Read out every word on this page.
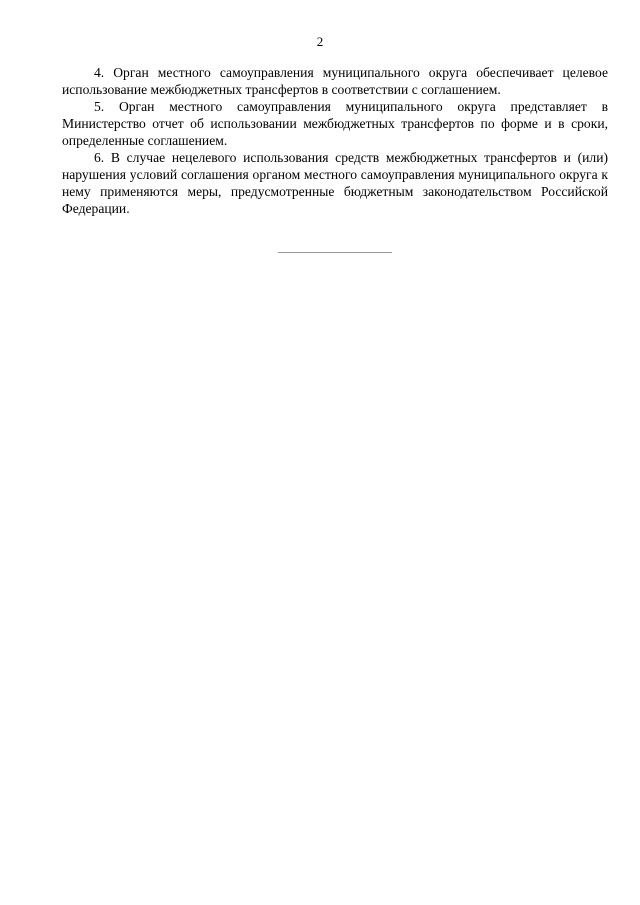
2

4. Орган местного самоуправления муниципального округа обеспечивает целевое использование межбюджетных трансфертов в соответствии с соглашением.

5. Орган местного самоуправления муниципального округа представляет в Министерство отчет об использовании межбюджетных трансфертов по форме и в сроки, определенные соглашением.

6. В случае нецелевого использования средств межбюджетных трансфертов и (или) нарушения условий соглашения органом местного самоуправления муниципального округа к нему применяются меры, предусмотренные бюджетным законодательством Российской Федерации.
